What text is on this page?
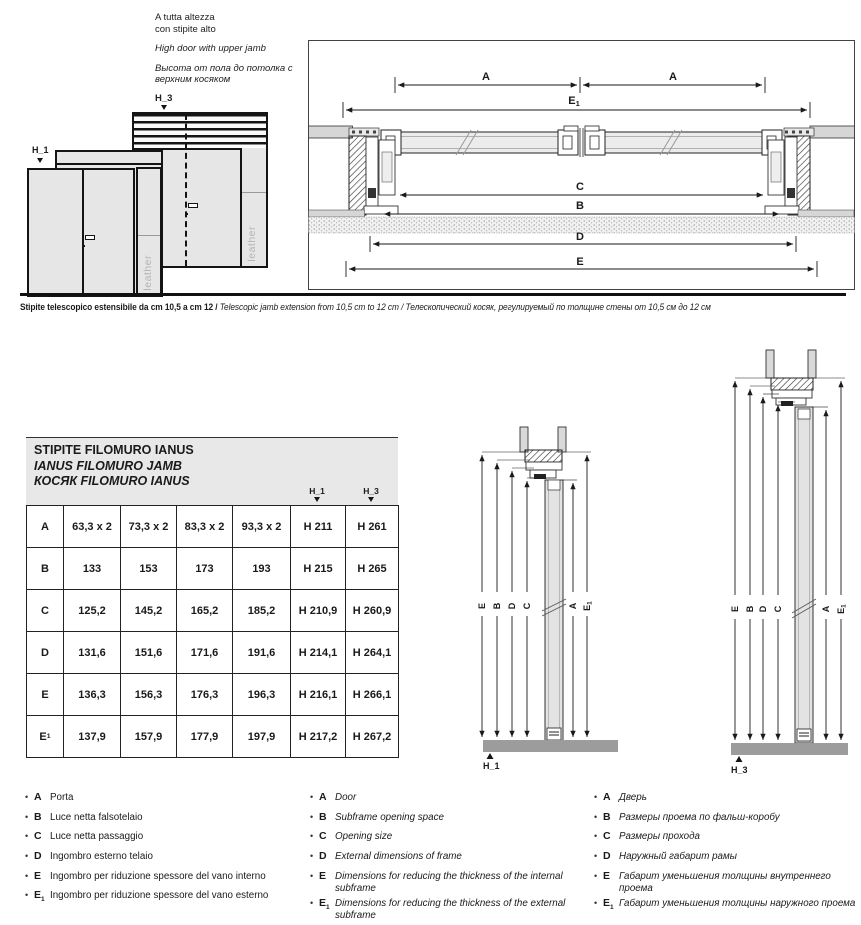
A tutta altezza
con stipite alto
High door with upper jamb
Высота от пола до потолка с
верхним косяком
H_3
leather
leather
H_1
A	A
E1
C
B
D
E
Stipite telescopico estensibile da cm 10,5 a cm 12 / Telescopic jamb extension from 10,5 cm to 12 cm / Телескопический косяк, регулируемый по толщине стены от 10,5 см до 12 см
STIPITE FILOMURO IANUS
IANUS FILOMURO JAMB
КОСЯК FILOMURO IANUS
H_1	H_3
A	63,3 x 2	73,3 x 2	83,3 x 2	93,3 x 2	H 211	H 261
B	133	153	173	193	H 215	H 265
C	125,2	145,2	165,2	185,2	H 210,9	H 260,9
D	131,6	151,6	171,6	191,6	H 214,1	H 264,1
E	136,3	156,3	176,3	196,3	H 216,1	H 266,1
E 1	137,9	157,9	177,9	197,9	H 217,2	H 267,2
E B D C	A E1
H_1
E B D C	A E1
H_3
• A Porta
• B Luce netta falsotelaio
• C Luce netta passaggio
• D Ingombro esterno telaio
• E Ingombro per riduzione spessore del vano interno
• $E_1$ Ingombro per riduzione spessore del vano esterno
• A Door
• B Subframe opening space
• C Opening size
• D External dimensions of frame
• E Dimensions for reducing the thickness of the internal subframe
• $E_1$ Dimensions for reducing the thickness of the external subframe
• A Дверь
• B Размеры проема по фальш-коробу
• C Размеры прохода
• D Наружный габарит рамы
• E Габарит уменьшения толщины внутреннего проема
• $E_1$ Габарит уменьшения толщины наружного проема
